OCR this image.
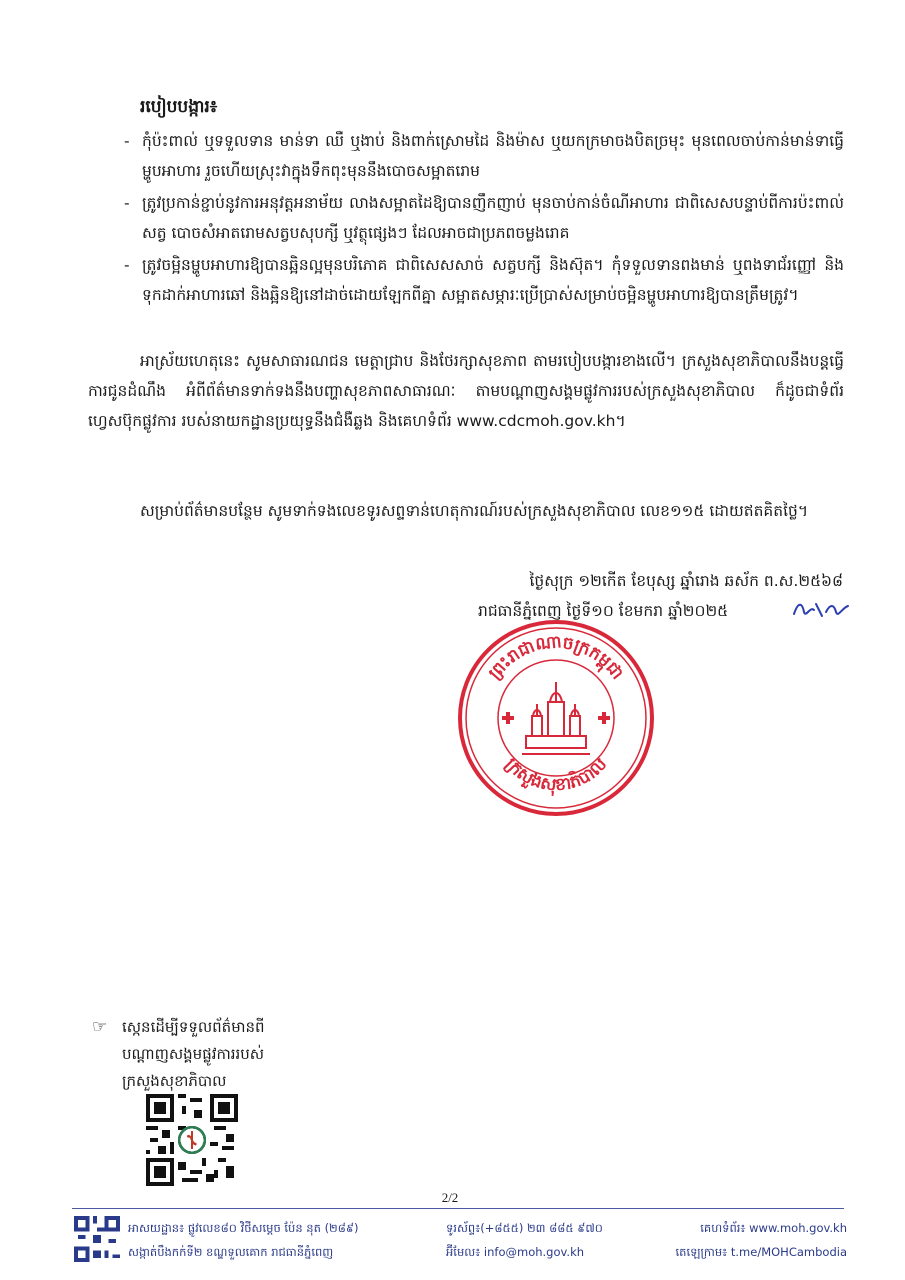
របៀបបង្ការ៖
- កុំប៉ះពាល់ ឬទទួលទាន មាន់ទា ឈឺ ឬងាប់ និងពាក់ស្រោមដៃ និងម៉ាស ឬយកក្រមាចងបិតច្រមុះ មុនពេលចាប់កាន់មាន់ទាធ្វើម្ហូបអាហារ រួចហើយស្រុះវាក្នុងទឹកពុះមុននឹងបោចសម្អាតរោម
- ត្រូវប្រកាន់ខ្ជាប់នូវការអនុវត្តអនាម័យ លាងសម្អាតដៃឱ្យបានញឹកញាប់ មុនចាប់កាន់ចំណីអាហារ ជាពិសេសបន្ទាប់ពីការប៉ះពាល់សត្វ បោចសំអាតរោមសត្វបសុបក្សី ឬវត្ថុផ្សេងៗ ដែលអាចជាប្រភពចម្លងរោគ
- ត្រូវចម្អិនម្ហូបអាហារឱ្យបានឆ្អិនល្អមុនបរិភោគ ជាពិសេសសាច់ សត្វបក្សី និងស៊ុត។ កុំទទួលទានពងមាន់ ឬពងទាជ័រញ្ញៅ និងទុកដាក់អាហារឆៅ និងឆ្អិនឱ្យនៅដាច់ដោយឡែកពីគ្នា សម្អាតសម្ភារៈប្រើប្រាស់សម្រាប់ចម្អិនម្ហូបអាហារឱ្យបានត្រឹមត្រូវ។
អាស្រ័យហេតុនេះ សូមសាធារណជន មេត្តាជ្រាប និងថែរក្សាសុខភាព តាមរបៀបបង្ការខាងលើ។ ក្រសួងសុខាភិបាលនឹងបន្តធ្វើការជូនដំណឹង អំពីព័ត៌មានទាក់ទងនឹងបញ្ហាសុខភាពសាធារណៈ តាមបណ្តាញសង្គមផ្លូវការរបស់ក្រសួងសុខាភិបាល ក៏ដូចជាទំព័រហ្វេសប៊ុកផ្លូវការ របស់នាយកដ្ឋានប្រយុទ្ធនឹងជំងឺឆ្លង និងគេហទំព័រ www.cdcmoh.gov.kh។
សម្រាប់ព័ត៌មានបន្ថែម សូមទាក់ទងលេខទូរសព្ទទាន់ហេតុការណ៍របស់ក្រសួងសុខាភិបាល លេខ១១៥ ដោយឥតគិតថ្លៃ។
ថ្ងៃសុក្រ ១២កើត ខែបុស្ស ឆ្នាំរោង ឆស័ក ព.ស.២៥៦៨
រាជធានីភ្នំពេញ ថ្ងៃទី១០ ខែមករា ឆ្នាំ២០២៥
ព្រះរាជាណាចក្រកម្ពុជា
ក្រសួងសុខាភិបាល
☞ ស្កេនដើម្បីទទួលព័ត៌មានពី
បណ្តាញសង្គមផ្លូវការរបស់
ក្រសួងសុខាភិបាល
2/2
អាសយដ្ឋាន៖ ផ្លូវលេខ៨០ វិថីសម្តេច ប៉ែន នុត (២៨៩)
សង្កាត់បឹងកក់ទី២ ខណ្ឌទួលគោក រាជធានីភ្នំពេញ
ទូរស័ព្ទ៖(+៨៥៥) ២៣ ៨៨៥ ៩៧០
អ៊ីមែល៖ info@moh.gov.kh
គេហទំព័រ៖ www.moh.gov.kh
តេឡេក្រាម៖ t.me/MOHCambodia
